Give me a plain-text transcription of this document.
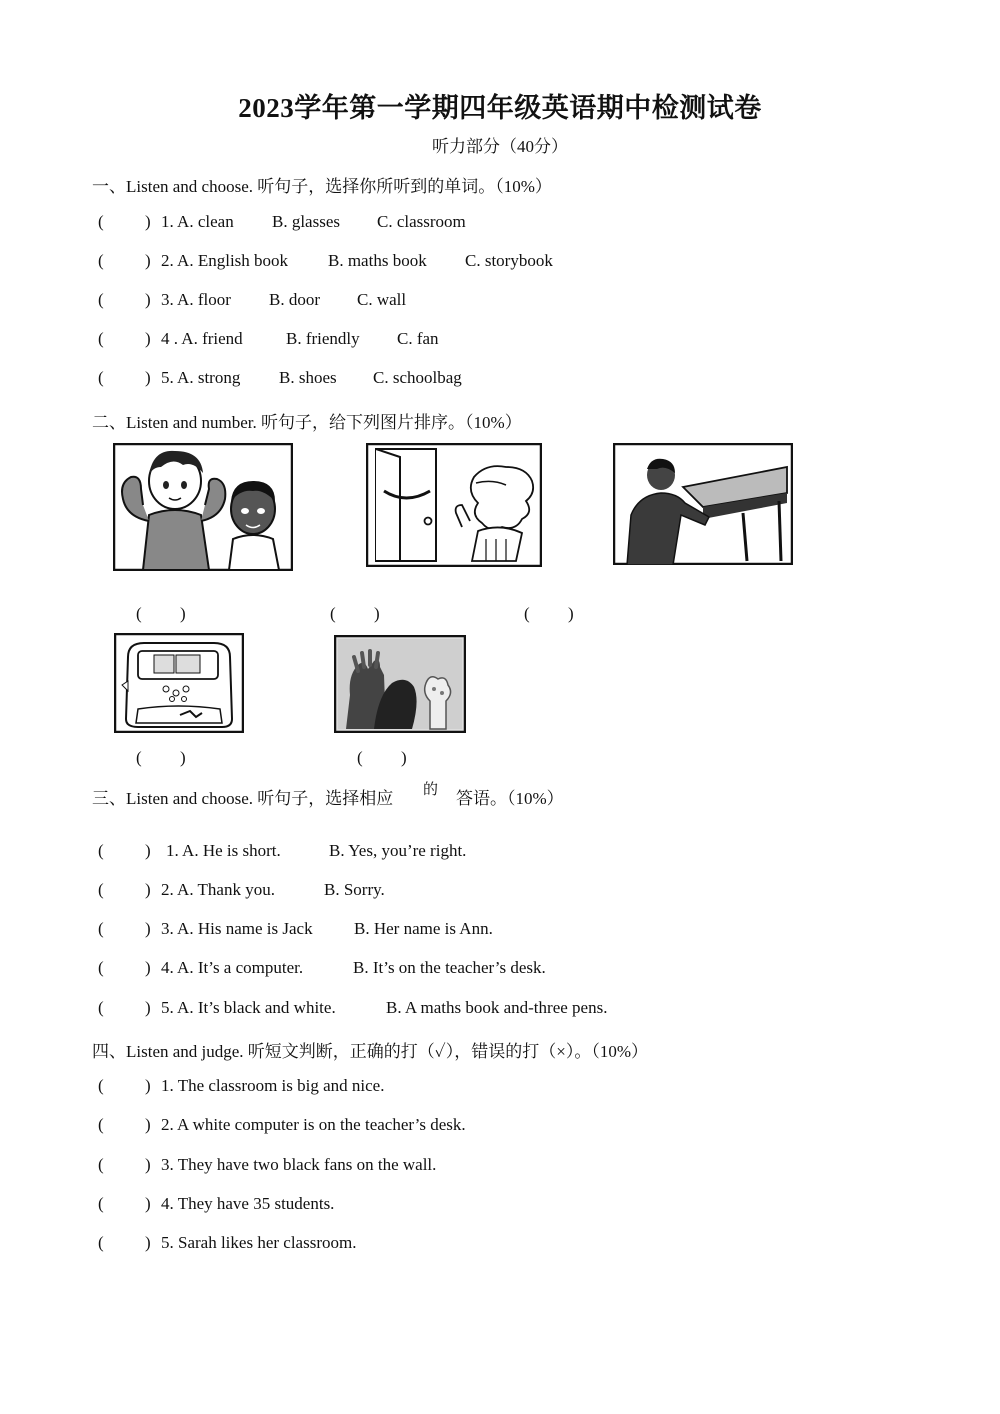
2023学年第一学期四年级英语期中检测试卷
听力部分（40分）
一、Listen and choose. 听句子，选择你所听到的单词。（10%）
( ) 1. A. clean B. glasses C. classroom
( ) 2. A. English book B. maths book C. storybook
( ) 3. A. floor B. door C. wall
( ) 4 . A. friend	B. friendly C. fan
( ) 5. A. strong B. shoes C. schoolbag
二、Listen and number. 听句子，给下列图片排序。（10%）
( )	( )	( )
( )	( )
三、Listen and choose. 听句子，选择相应 的 答语。（10%）
( ) 1. A. He is short.	B. Yes, you’re right.
( ) 2. A. Thank you.	B. Sorry.
( ) 3. A. His name is Jack B. Her name is Ann.
( ) 4. A. It’s a computer.	B. It’s on the teacher’s desk.
( ) 5. A. It’s black and white.	B. A maths book and-three pens.
四、Listen and judge. 听短文判断，正确的打（✓），错误的打（×）。（10%）
( ) 1. The classroom is big and nice.
( ) 2. A white computer is on the teacher’s desk.
( ) 3. They have two black fans on the wall.
( ) 4. They have 35 students.
( ) 5. Sarah likes her classroom.
